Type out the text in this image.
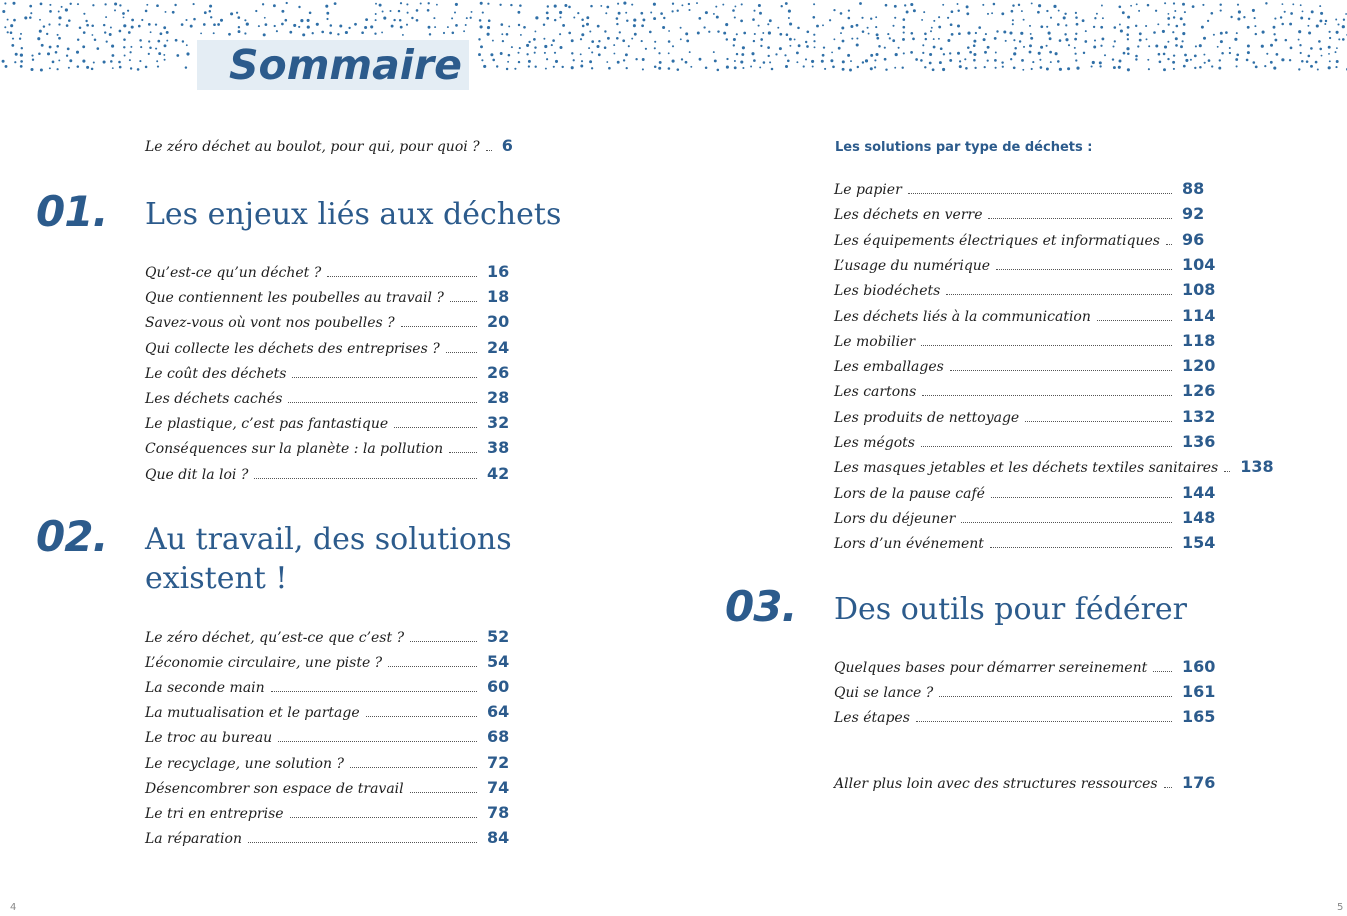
Sommaire
Le zéro déchet au boulot, pour qui, pour quoi ? 6
01. Les enjeux liés aux déchets
Qu’est-ce qu’un déchet ?	16
Que contiennent les poubelles au travail ?	18
Savez-vous où vont nos poubelles ?	20
Qui collecte les déchets des entreprises ?	24
Le coût des déchets	26
Les déchets cachés	28
Le plastique, c’est pas fantastique	32
Conséquences sur la planète : la pollution	38
Que dit la loi ?	42
02. Au travail, des solutions
existent !
Le zéro déchet, qu’est-ce que c’est ?	52
L’économie circulaire, une piste ?	54
La seconde main	60
La mutualisation et le partage	64
Le troc au bureau	68
Le recyclage, une solution ?	72
Désencombrer son espace de travail	74
Le tri en entreprise	78
La réparation	84
Les solutions par type de déchets :
Le papier	88
Les déchets en verre	92
Les équipements électriques et informatiques 96
L’usage du numérique	104
Les biodéchets	108
Les déchets liés à la communication	114
Le mobilier	118
Les emballages	120
Les cartons	126
Les produits de nettoyage	132
Les mégots	136
Les masques jetables et les déchets textiles sanitaires 138
Lors de la pause café	144
Lors du déjeuner	148
Lors d’un événement	154
03. Des outils pour fédérer
Quelques bases pour démarrer sereinement 160
Qui se lance ?	161
Les étapes	165
Aller plus loin avec des structures ressources 176
4	5
